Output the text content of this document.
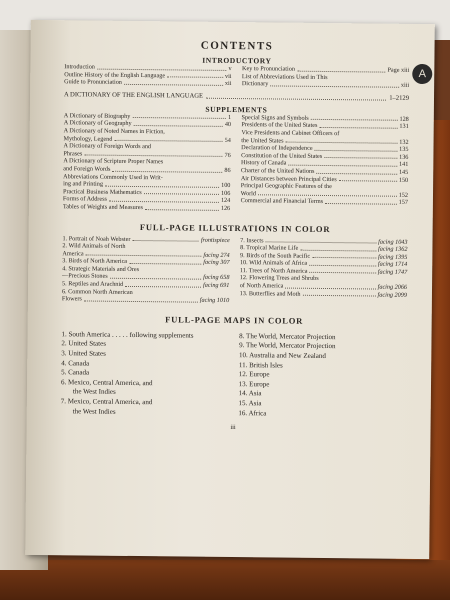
A
CONTENTS
INTRODUCTORY
Introduction	v
Outline History of the English Language	vii
Guide to Pronunciation	xii
Key to Pronunciation	Page xiii
List of Abbreviations Used in This
Dictionary	xiii
A DICTIONARY OF THE ENGLISH LANGUAGE	1–2129
SUPPLEMENTS
A Dictionary of Biography	1
A Dictionary of Geography	40
A Dictionary of Noted Names in Fiction,
Mythology, Legend	54
A Dictionary of Foreign Words and
Phrases	76
A Dictionary of Scripture Proper Names
and Foreign Words	86
Abbreviations Commonly Used in Writ-
ing and Printing	100
Practical Business Mathematics	106
Forms of Address	124
Tables of Weights and Measures	126
Special Signs and Symbols	128
Presidents of the United States	131
Vice Presidents and Cabinet Officers of
the United States	132
Declaration of Independence	135
Constitution of the United States	136
History of Canada	141
Charter of the United Nations	145
Air Distances between Principal Cities	150
Principal Geographic Features of the
World	152
Commercial and Financial Terms	157
FULL-PAGE ILLUSTRATIONS IN COLOR
1. Portrait of Noah Webster	frontispiece
2. Wild Animals of North
America	facing 274
3. Birds of North America	facing 307
4. Strategic Materials and Ores
—Precious Stones	facing 658
5. Reptiles and Arachnid	facing 691
6. Common North American
Flowers	facing 1010
7. Insects	facing 1043
8. Tropical Marine Life	facing 1362
9. Birds of the South Pacific	facing 1395
10. Wild Animals of Africa	facing 1714
11. Trees of North America	facing 1747
12. Flowering Trees and Shrubs
of North America	facing 2066
13. Butterflies and Moth	facing 2099
FULL-PAGE MAPS IN COLOR
1. South America . . . . . following supplements
2. United States
3. United States
4. Canada
5. Canada
6. Mexico, Central America, and
the West Indies
7. Mexico, Central America, and
the West Indies
8. The World, Mercator Projection
9. The World, Mercator Projection
10. Australia and New Zealand
11. British Isles
12. Europe
13. Europe
14. Asia
15. Asia
16. Africa
iii
